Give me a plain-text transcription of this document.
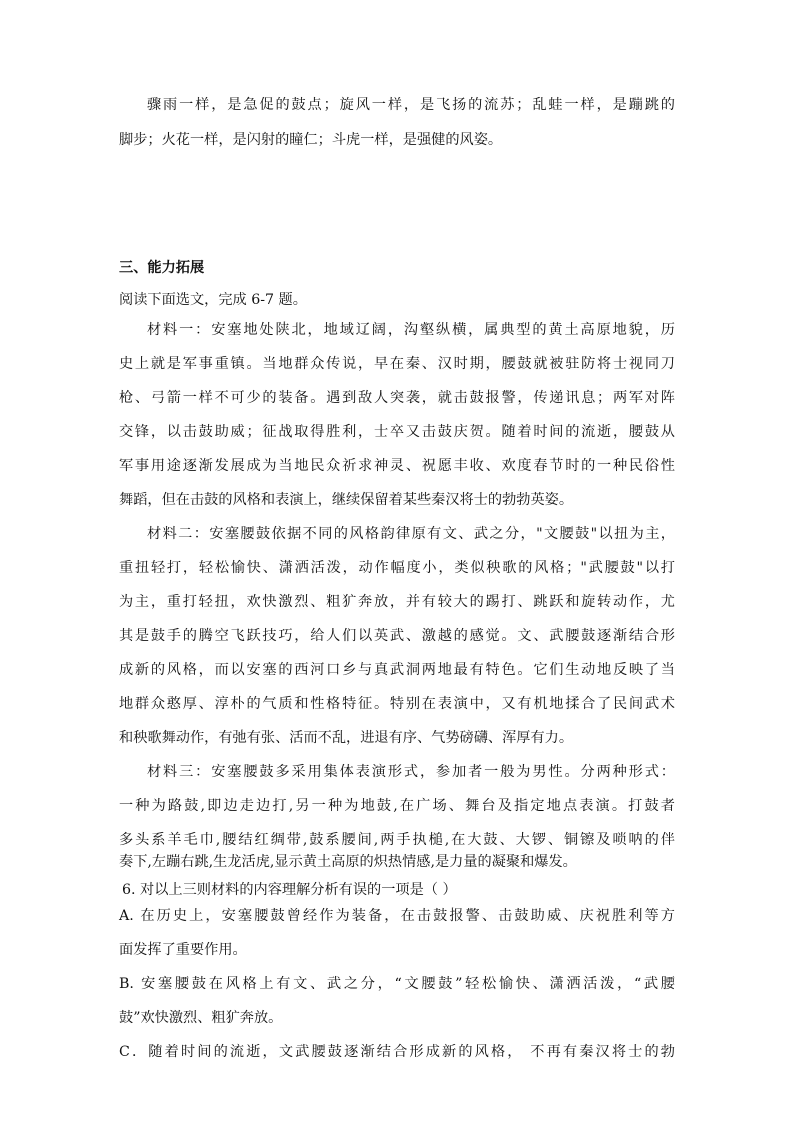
骤雨一样，是急促的鼓点；旋风一样，是飞扬的流苏；乱蛙一样，是蹦跳的
脚步；火花一样，是闪射的瞳仁；斗虎一样，是强健的风姿。
三、能力拓展
阅读下面选文，完成 6-7 题。
材料一：安塞地处陕北，地域辽阔，沟壑纵横，属典型的黄土高原地貌，历
史上就是军事重镇。当地群众传说，早在秦、汉时期，腰鼓就被驻防将士视同刀
枪、弓箭一样不可少的装备。遇到敌人突袭，就击鼓报警，传递讯息；两军对阵
交锋，以击鼓助威；征战取得胜利，士卒又击鼓庆贺。随着时间的流逝，腰鼓从
军事用途逐渐发展成为当地民众祈求神灵、祝愿丰收、欢度春节时的一种民俗性
舞蹈，但在击鼓的风格和表演上，继续保留着某些秦汉将士的勃勃英姿。
材料二：安塞腰鼓依据不同的风格韵律原有文、武之分，"文腰鼓"以扭为主，
重扭轻打，轻松愉快、潇洒活泼，动作幅度小，类似秧歌的风格；"武腰鼓"以打
为主，重打轻扭，欢快激烈、粗犷奔放，并有较大的踢打、跳跃和旋转动作，尤
其是鼓手的腾空飞跃技巧，给人们以英武、激越的感觉。文、武腰鼓逐渐结合形
成新的风格，而以安塞的西河口乡与真武洞两地最有特色。它们生动地反映了当
地群众憨厚、淳朴的气质和性格特征。特别在表演中，又有机地揉合了民间武术
和秧歌舞动作，有弛有张、活而不乱，进退有序、气势磅礴、浑厚有力。
材料三：安塞腰鼓多采用集体表演形式，参加者一般为男性。分两种形式：
一种为路鼓,即边走边打,另一种为地鼓,在广场、舞台及指定地点表演。打鼓者
多头系羊毛巾,腰结红绸带,鼓系腰间,两手执槌,在大鼓、大锣、铜镲及唢呐的伴
奏下,左蹦右跳,生龙活虎,显示黄土高原的炽热情感,是力量的凝聚和爆发。
6. 对以上三则材料的内容理解分析有误的一项是（ ）
A. 在历史上，安塞腰鼓曾经作为装备，在击鼓报警、击鼓助威、庆祝胜利等方
面发挥了重要作用。
B. 安塞腰鼓在风格上有文、武之分，“文腰鼓”轻松愉快、潇洒活泼，“武腰
鼓”欢快激烈、粗犷奔放。
C．随着时间的流逝，文武腰鼓逐渐结合形成新的风格， 不再有秦汉将士的勃
